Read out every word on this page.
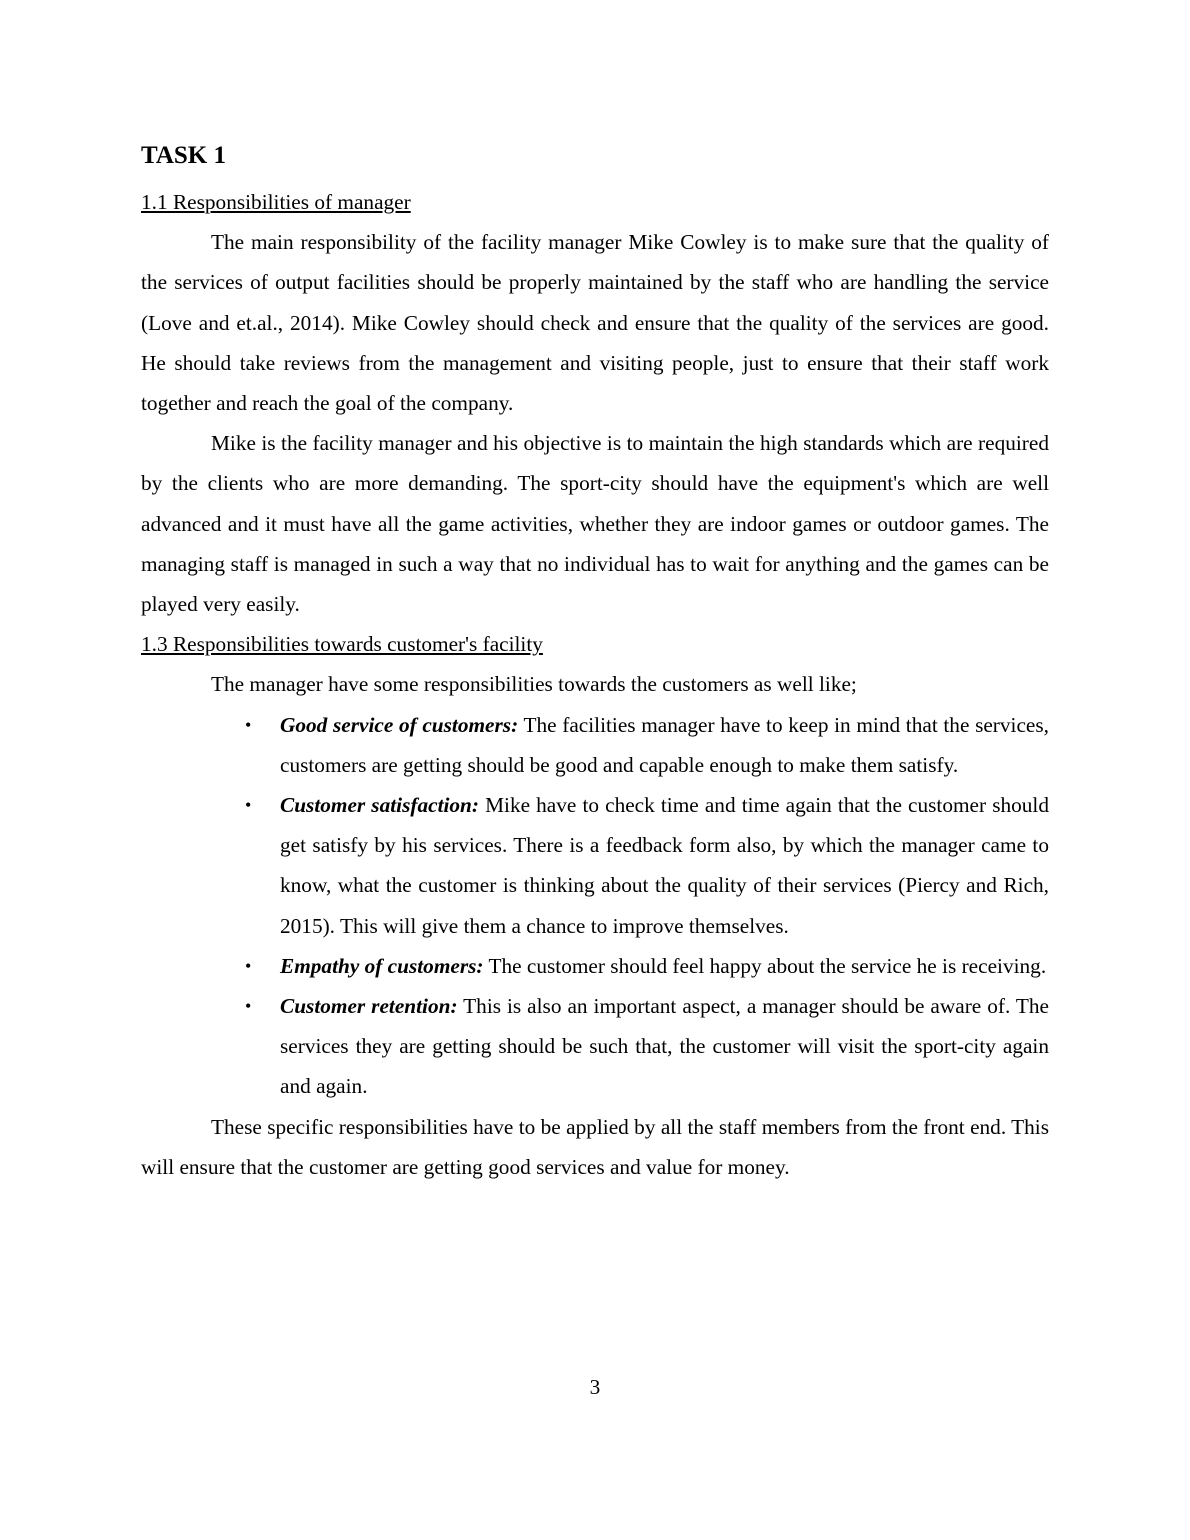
TASK 1
1.1 Responsibilities of manager

The main responsibility of the facility manager Mike Cowley is to make sure that the quality of the services of output facilities should be properly maintained by the staff who are handling the service (Love and et.al., 2014). Mike Cowley should check and ensure that the quality of the services are good. He should take reviews from the management and visiting people, just to ensure that their staff work together and reach the goal of the company.

Mike is the facility manager and his objective is to maintain the high standards which are required by the clients who are more demanding. The sport-city should have the equipment's which are well advanced and it must have all the game activities, whether they are indoor games or outdoor games. The managing staff is managed in such a way that no individual has to wait for anything and the games can be played very easily.

1.3 Responsibilities towards customer's facility

The manager have some responsibilities towards the customers as well like;

• Good service of customers: The facilities manager have to keep in mind that the services, customers are getting should be good and capable enough to make them satisfy.
• Customer satisfaction: Mike have to check time and time again that the customer should get satisfy by his services. There is a feedback form also, by which the manager came to know, what the customer is thinking about the quality of their services (Piercy and Rich, 2015). This will give them a chance to improve themselves.
• Empathy of customers: The customer should feel happy about the service he is receiving.
• Customer retention: This is also an important aspect, a manager should be aware of. The services they are getting should be such that, the customer will visit the sport-city again and again.

These specific responsibilities have to be applied by all the staff members from the front end. This will ensure that the customer are getting good services and value for money.

3
